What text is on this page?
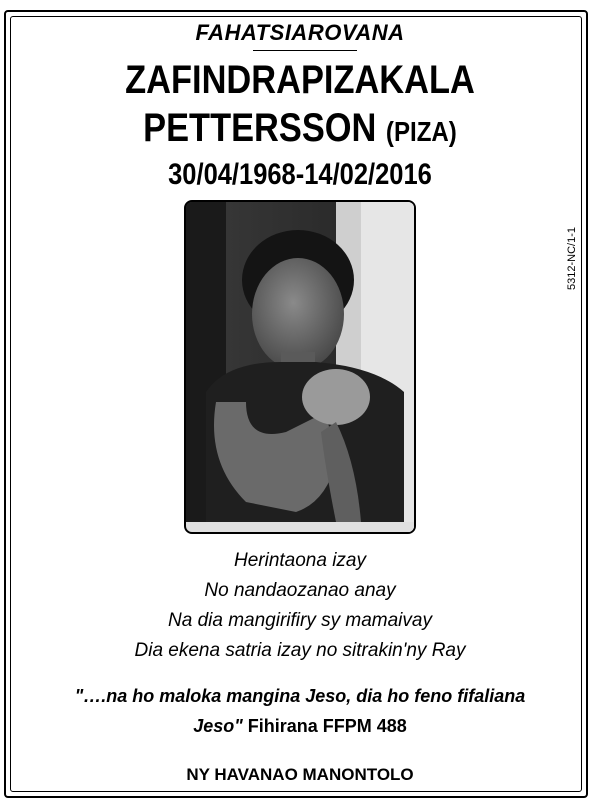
FAHATSIAROVANA
ZAFINDRAPIZAKALA
PETTERSSON (PIZA)
30/04/1968-14/02/2016
5312-NC/1-1
Herintaona izay
No nandaozanao anay
Na dia mangirifiry sy mamaivay
Dia ekena satria izay no sitrakin'ny Ray
"….na ho maloka mangina Jeso, dia ho feno fifaliana
Jeso" Fihirana FFPM 488
NY HAVANAO MANONTOLO
